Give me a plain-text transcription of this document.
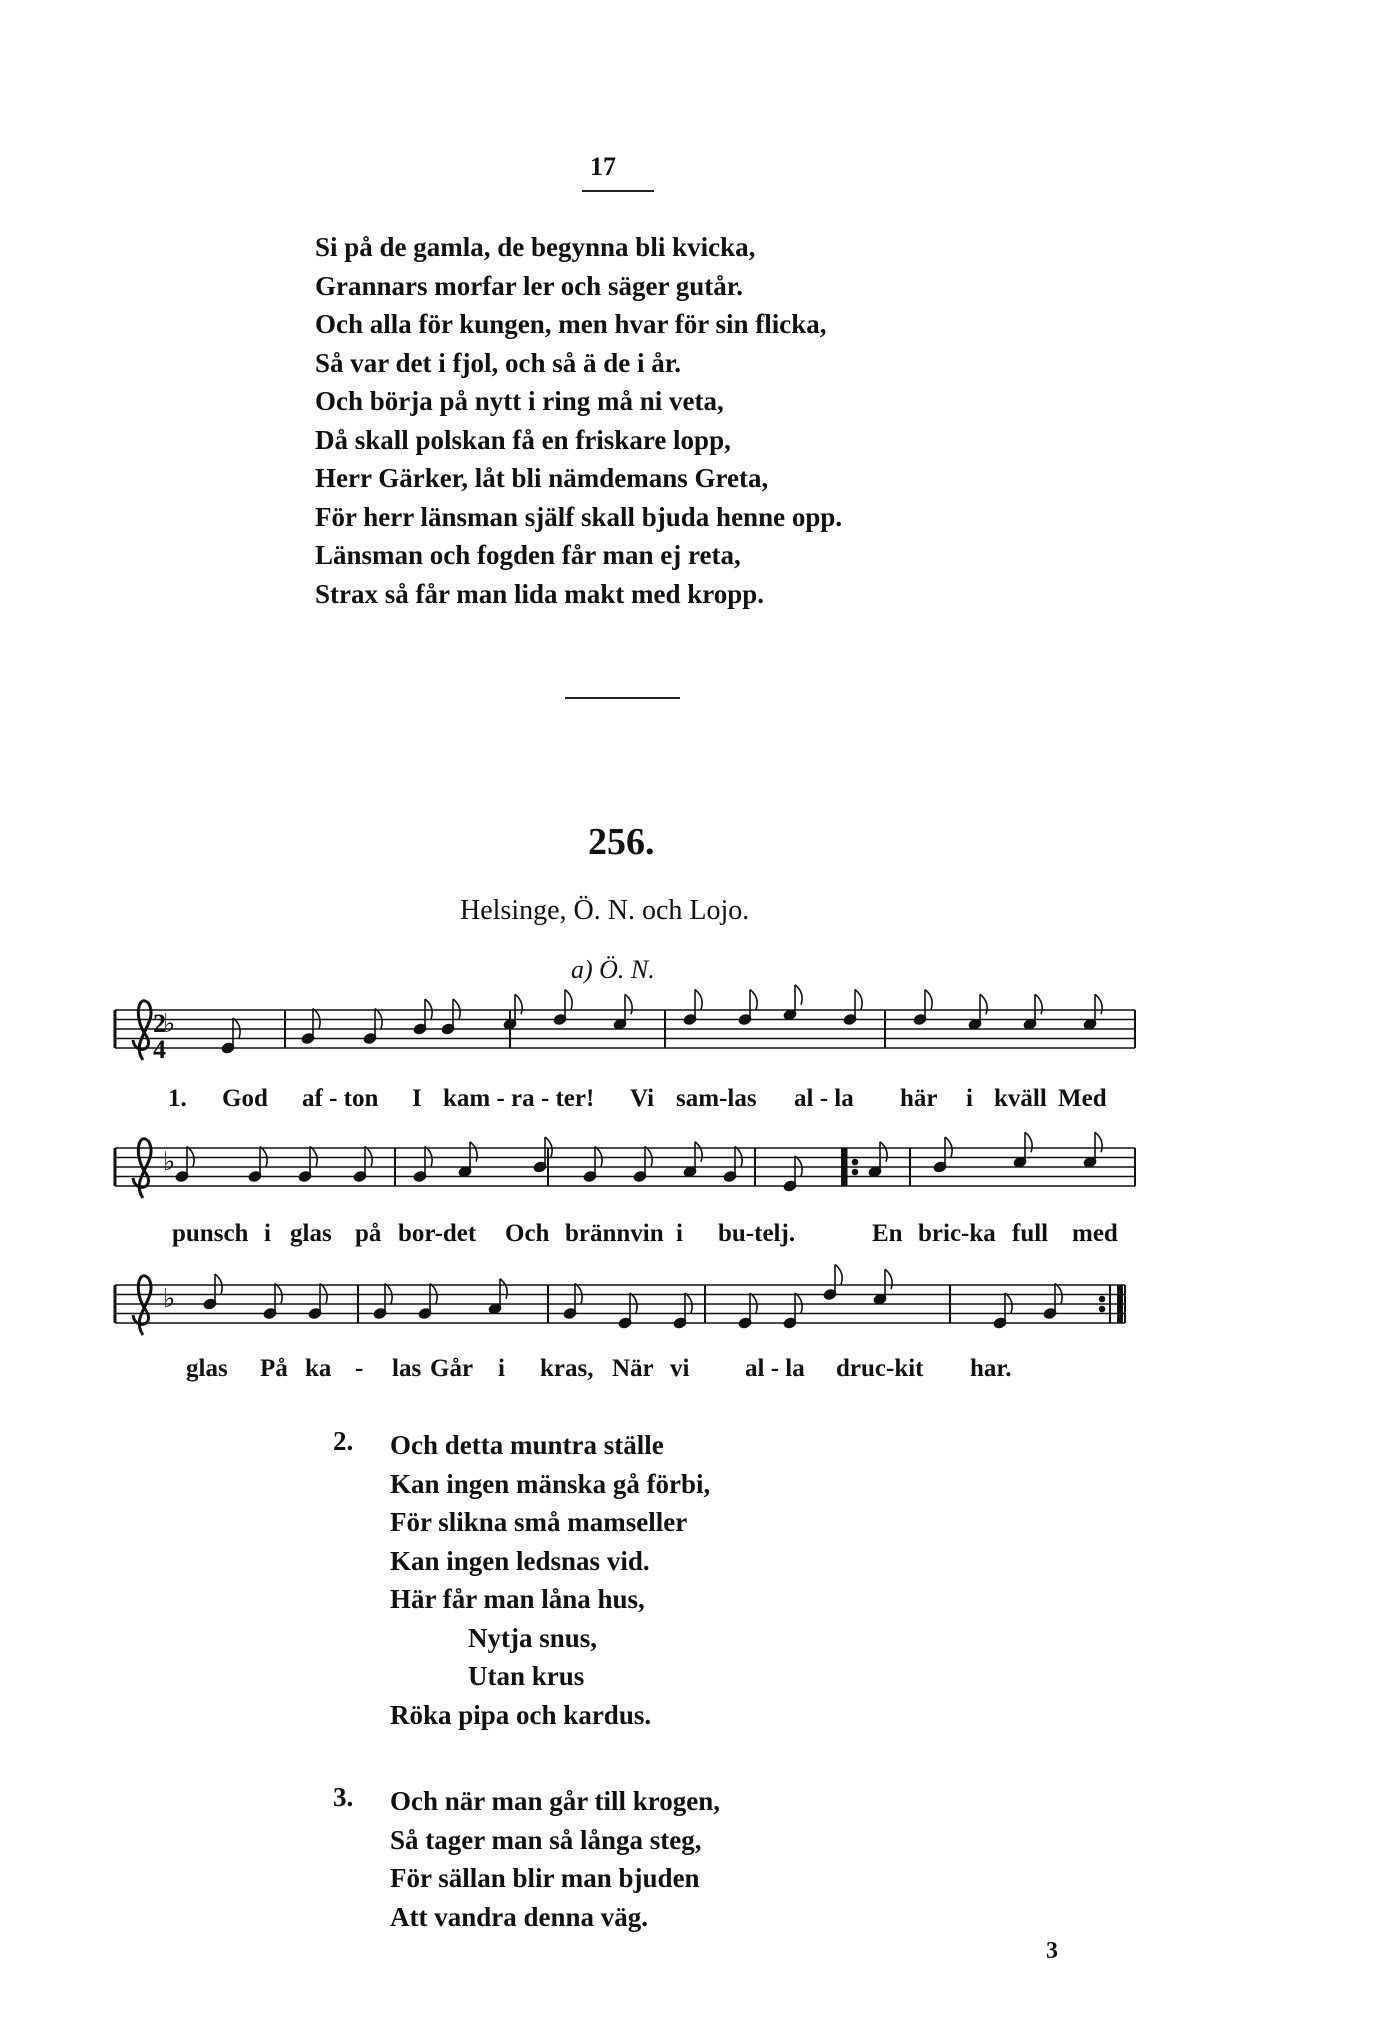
17
Si på de gamla, de begynna bli kvicka,
Grannars morfar ler och säger gutår.
Och alla för kungen, men hvar för sin flicka,
Så var det i fjol, och så ä de i år.
Och börja på nytt i ring må ni veta,
Då skall polskan få en friskare lopp,
Herr Gärker, låt bli nämdemans Greta,
För herr länsman själf skall bjuda henne opp.
Länsman och fogden får man ej reta,
Strax så får man lida makt med kropp.
256.
Helsinge, Ö. N. och Lojo.
a) Ö. N.
♭
♭
♭
2
4
1. God af - ton I kam - ra - ter! Vi sam-las al - la här i kväll Med
punsch i glas på bor-det Och brännvin i bu-telj.	En bric-ka full med
glas På ka - las Går i kras, När vi al - la druc-kit har.
2. Och detta muntra ställe
Kan ingen mänska gå förbi,
För slikna små mamseller
Kan ingen ledsnas vid.
Här får man låna hus,
Nytja snus,
Utan krus
Röka pipa och kardus.
3. Och när man går till krogen,
Så tager man så långa steg,
För sällan blir man bjuden
Att vandra denna väg.
3
